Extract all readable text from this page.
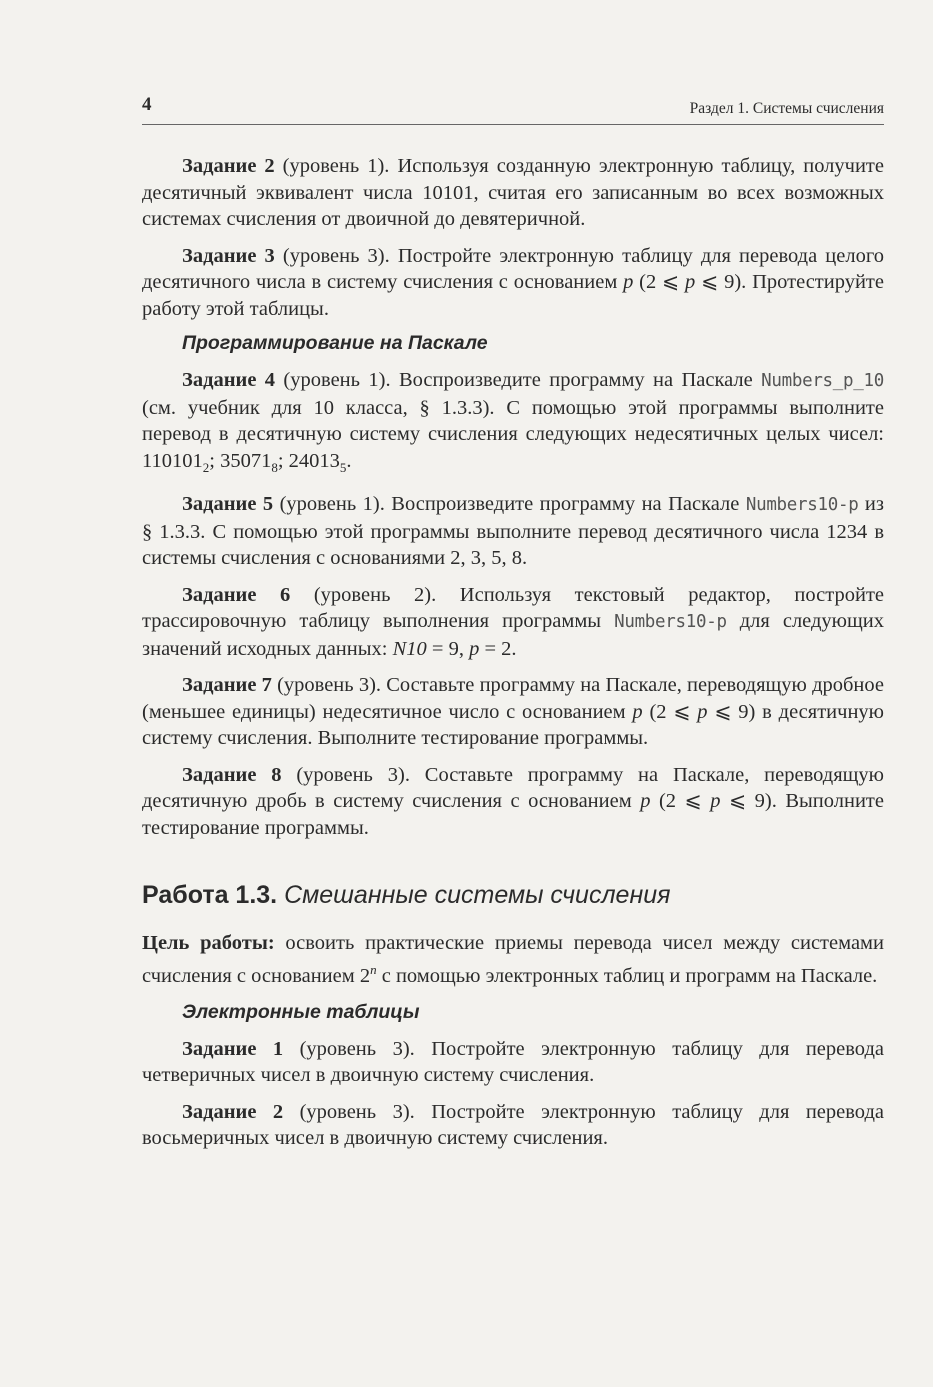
4	Раздел 1. Системы счисления

Задание 2 (уровень 1). Используя созданную электронную таблицу, получите десятичный эквивалент числа 10101, считая его записанным во всех возможных системах счисления от двоичной до девятеричной.

Задание 3 (уровень 3). Постройте электронную таблицу для перевода целого десятичного числа в систему счисления с основанием p (2 ⩽ p ⩽ 9). Протестируйте работу этой таблицы.

Программирование на Паскале

Задание 4 (уровень 1). Воспроизведите программу на Паскале Numbers_p_10 (см. учебник для 10 класса, § 1.3.3). С помощью этой программы выполните перевод в десятичную систему счисления следующих недесятичных целых чисел: $110101_2$; $35071_8$; $24013_5$.

Задание 5 (уровень 1). Воспроизведите программу на Паскале Numbers10-p из § 1.3.3. С помощью этой программы выполните перевод десятичного числа 1234 в системы счисления с основаниями 2, 3, 5, 8.

Задание 6 (уровень 2). Используя текстовый редактор, постройте трассировочную таблицу выполнения программы Numbers10-p для следующих значений исходных данных: N10 = 9, p = 2.

Задание 7 (уровень 3). Составьте программу на Паскале, переводящую дробное (меньшее единицы) недесятичное число с основанием p (2 ⩽ p ⩽ 9) в десятичную систему счисления. Выполните тестирование программы.

Задание 8 (уровень 3). Составьте программу на Паскале, переводящую десятичную дробь в систему счисления с основанием p (2 ⩽ p ⩽ 9). Выполните тестирование программы.

Работа 1.3. Смешанные системы счисления

Цель работы: освоить практические приемы перевода чисел между системами счисления с основанием 2$^n$ с помощью электронных таблиц и программ на Паскале.

Электронные таблицы

Задание 1 (уровень 3). Постройте электронную таблицу для перевода четверичных чисел в двоичную систему счисления.

Задание 2 (уровень 3). Постройте электронную таблицу для перевода восьмеричных чисел в двоичную систему счисления.
